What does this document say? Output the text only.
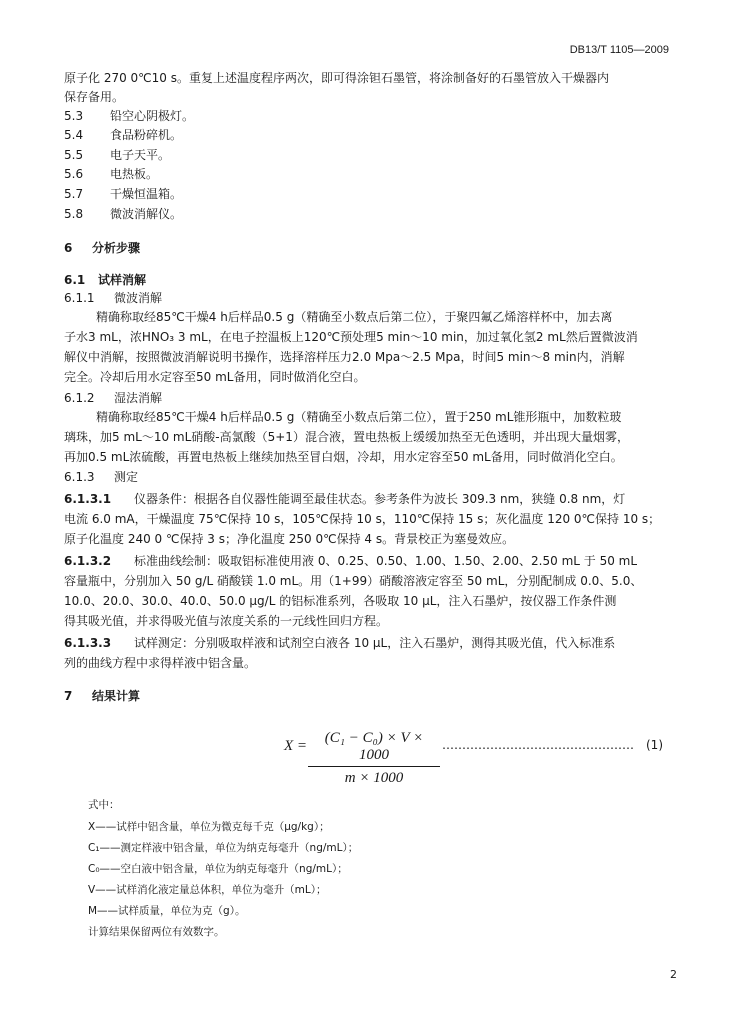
DB13/T 1105—2009
原子化 270 0℃10 s。重复上述温度程序两次，即可得涂钽石墨管，将涂制备好的石墨管放入干燥器内
保存备用。
5.3 铅空心阴极灯。
5.4 食品粉碎机。
5.5 电子天平。
5.6 电热板。
5.7 干燥恒温箱。
5.8 微波消解仪。
6 分析步骤
6.1 试样消解
6.1.1 微波消解
精确称取经85℃干燥4 h后样品0.5 g（精确至小数点后第二位），于聚四氟乙烯溶样杯中，加去离
子水3 mL，浓HNO₃ 3 mL，在电子控温板上120℃预处理5 min～10 min，加过氧化氢2 mL然后置微波消
解仪中消解，按照微波消解说明书操作，选择溶样压力2.0 Mpa～2.5 Mpa，时间5 min～8 min内，消解
完全。冷却后用水定容至50 mL备用，同时做消化空白。
6.1.2 湿法消解
精确称取经85℃干燥4 h后样品0.5 g（精确至小数点后第二位），置于250 mL锥形瓶中，加数粒玻
璃珠，加5 mL～10 mL硝酸-高氯酸（5+1）混合液，置电热板上缓缓加热至无色透明，并出现大量烟雾，
再加0.5 mL浓硫酸，再置电热板上继续加热至冒白烟，冷却，用水定容至50 mL备用，同时做消化空白。
6.1.3 测定
6.1.3.1 仪器条件：根据各自仪器性能调至最佳状态。参考条件为波长 309.3 nm，狭缝 0.8 nm，灯
电流 6.0 mA，干燥温度 75℃保持 10 s，105℃保持 10 s，110℃保持 15 s；灰化温度 120 0℃保持 10 s；
原子化温度 240 0 ℃保持 3 s；净化温度 250 0℃保持 4 s。背景校正为塞曼效应。
6.1.3.2 标准曲线绘制：吸取铝标准使用液 0、0.25、0.50、1.00、1.50、2.00、2.50 mL 于 50 mL
容量瓶中，分别加入 50 g/L 硝酸镁 1.0 mL。用（1+99）硝酸溶液定容至 50 mL，分别配制成 0.0、5.0、
10.0、20.0、30.0、40.0、50.0 μg/L 的铝标准系列，各吸取 10 μL，注入石墨炉，按仪器工作条件测
得其吸光值，并求得吸光值与浓度关系的一元线性回归方程。
6.1.3.3 试样测定：分别吸取样液和试剂空白液各 10 μL，注入石墨炉，测得其吸光值，代入标准系
列的曲线方程中求得样液中铝含量。
7 结果计算
$X = \frac{\text{(C₁ − C₀) × V × 1000}}{m \times 1000}$ ………………………………………… (1)
式中：
X——试样中铝含量，单位为微克每千克（μg/kg）；
C₁——测定样液中铝含量，单位为纳克每毫升（ng/mL）；
C₀——空白液中铝含量，单位为纳克每毫升（ng/mL）；
V——试样消化液定量总体积，单位为毫升（mL）；
M——试样质量，单位为克（g）。
计算结果保留两位有效数字。
2
